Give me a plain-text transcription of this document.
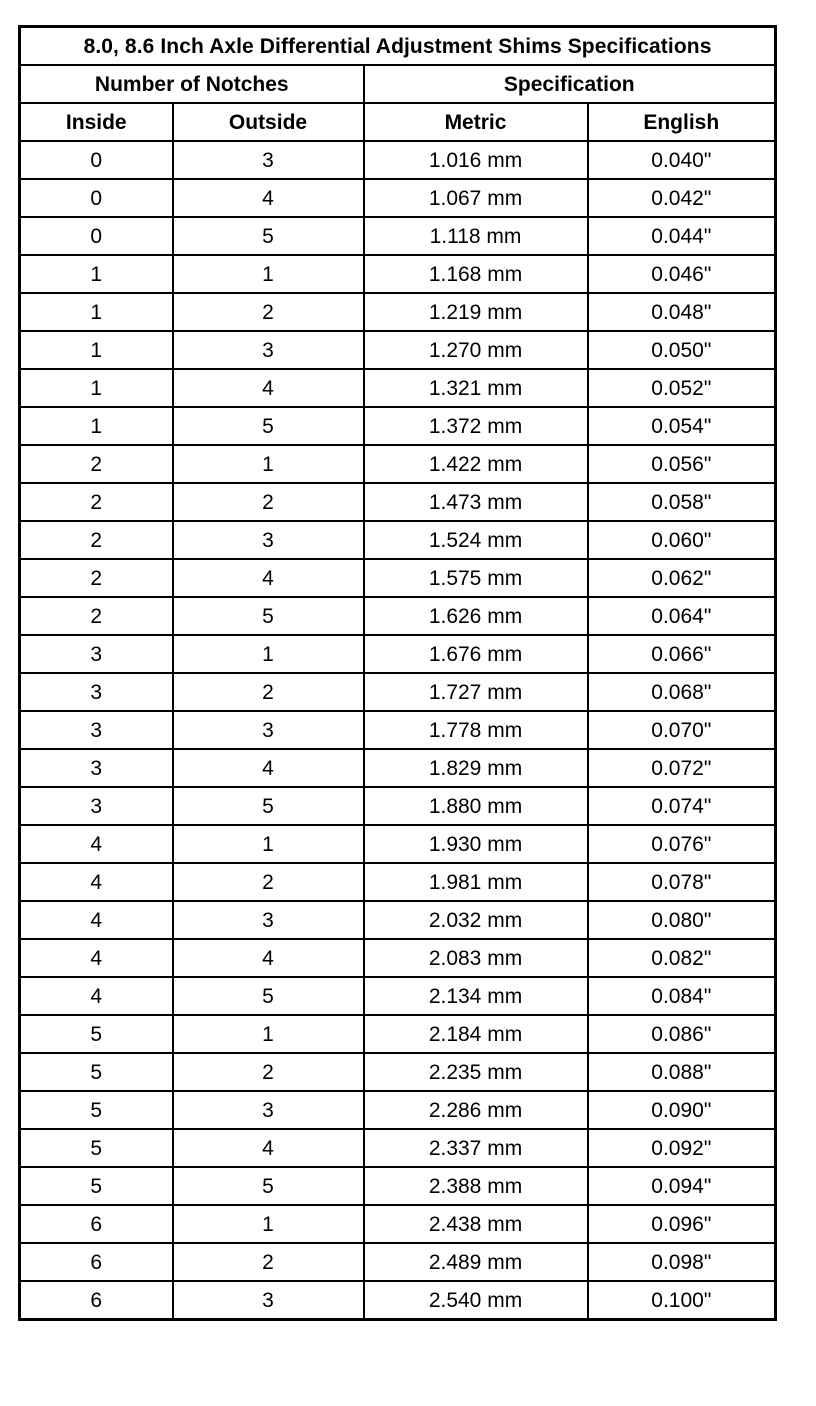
8.0, 8.6 Inch Axle Differential Adjustment Shims Specifications			
Number of Notches		Specification	
Inside	Outside	Metric	English
0	3	1.016 mm	0.040"
0	4	1.067 mm	0.042"
0	5	1.118 mm	0.044"
1	1	1.168 mm	0.046"
1	2	1.219 mm	0.048"
1	3	1.270 mm	0.050"
1	4	1.321 mm	0.052"
1	5	1.372 mm	0.054"
2	1	1.422 mm	0.056"
2	2	1.473 mm	0.058"
2	3	1.524 mm	0.060"
2	4	1.575 mm	0.062"
2	5	1.626 mm	0.064"
3	1	1.676 mm	0.066"
3	2	1.727 mm	0.068"
3	3	1.778 mm	0.070"
3	4	1.829 mm	0.072"
3	5	1.880 mm	0.074"
4	1	1.930 mm	0.076"
4	2	1.981 mm	0.078"
4	3	2.032 mm	0.080"
4	4	2.083 mm	0.082"
4	5	2.134 mm	0.084"
5	1	2.184 mm	0.086"
5	2	2.235 mm	0.088"
5	3	2.286 mm	0.090"
5	4	2.337 mm	0.092"
5	5	2.388 mm	0.094"
6	1	2.438 mm	0.096"
6	2	2.489 mm	0.098"
6	3	2.540 mm	0.100"
